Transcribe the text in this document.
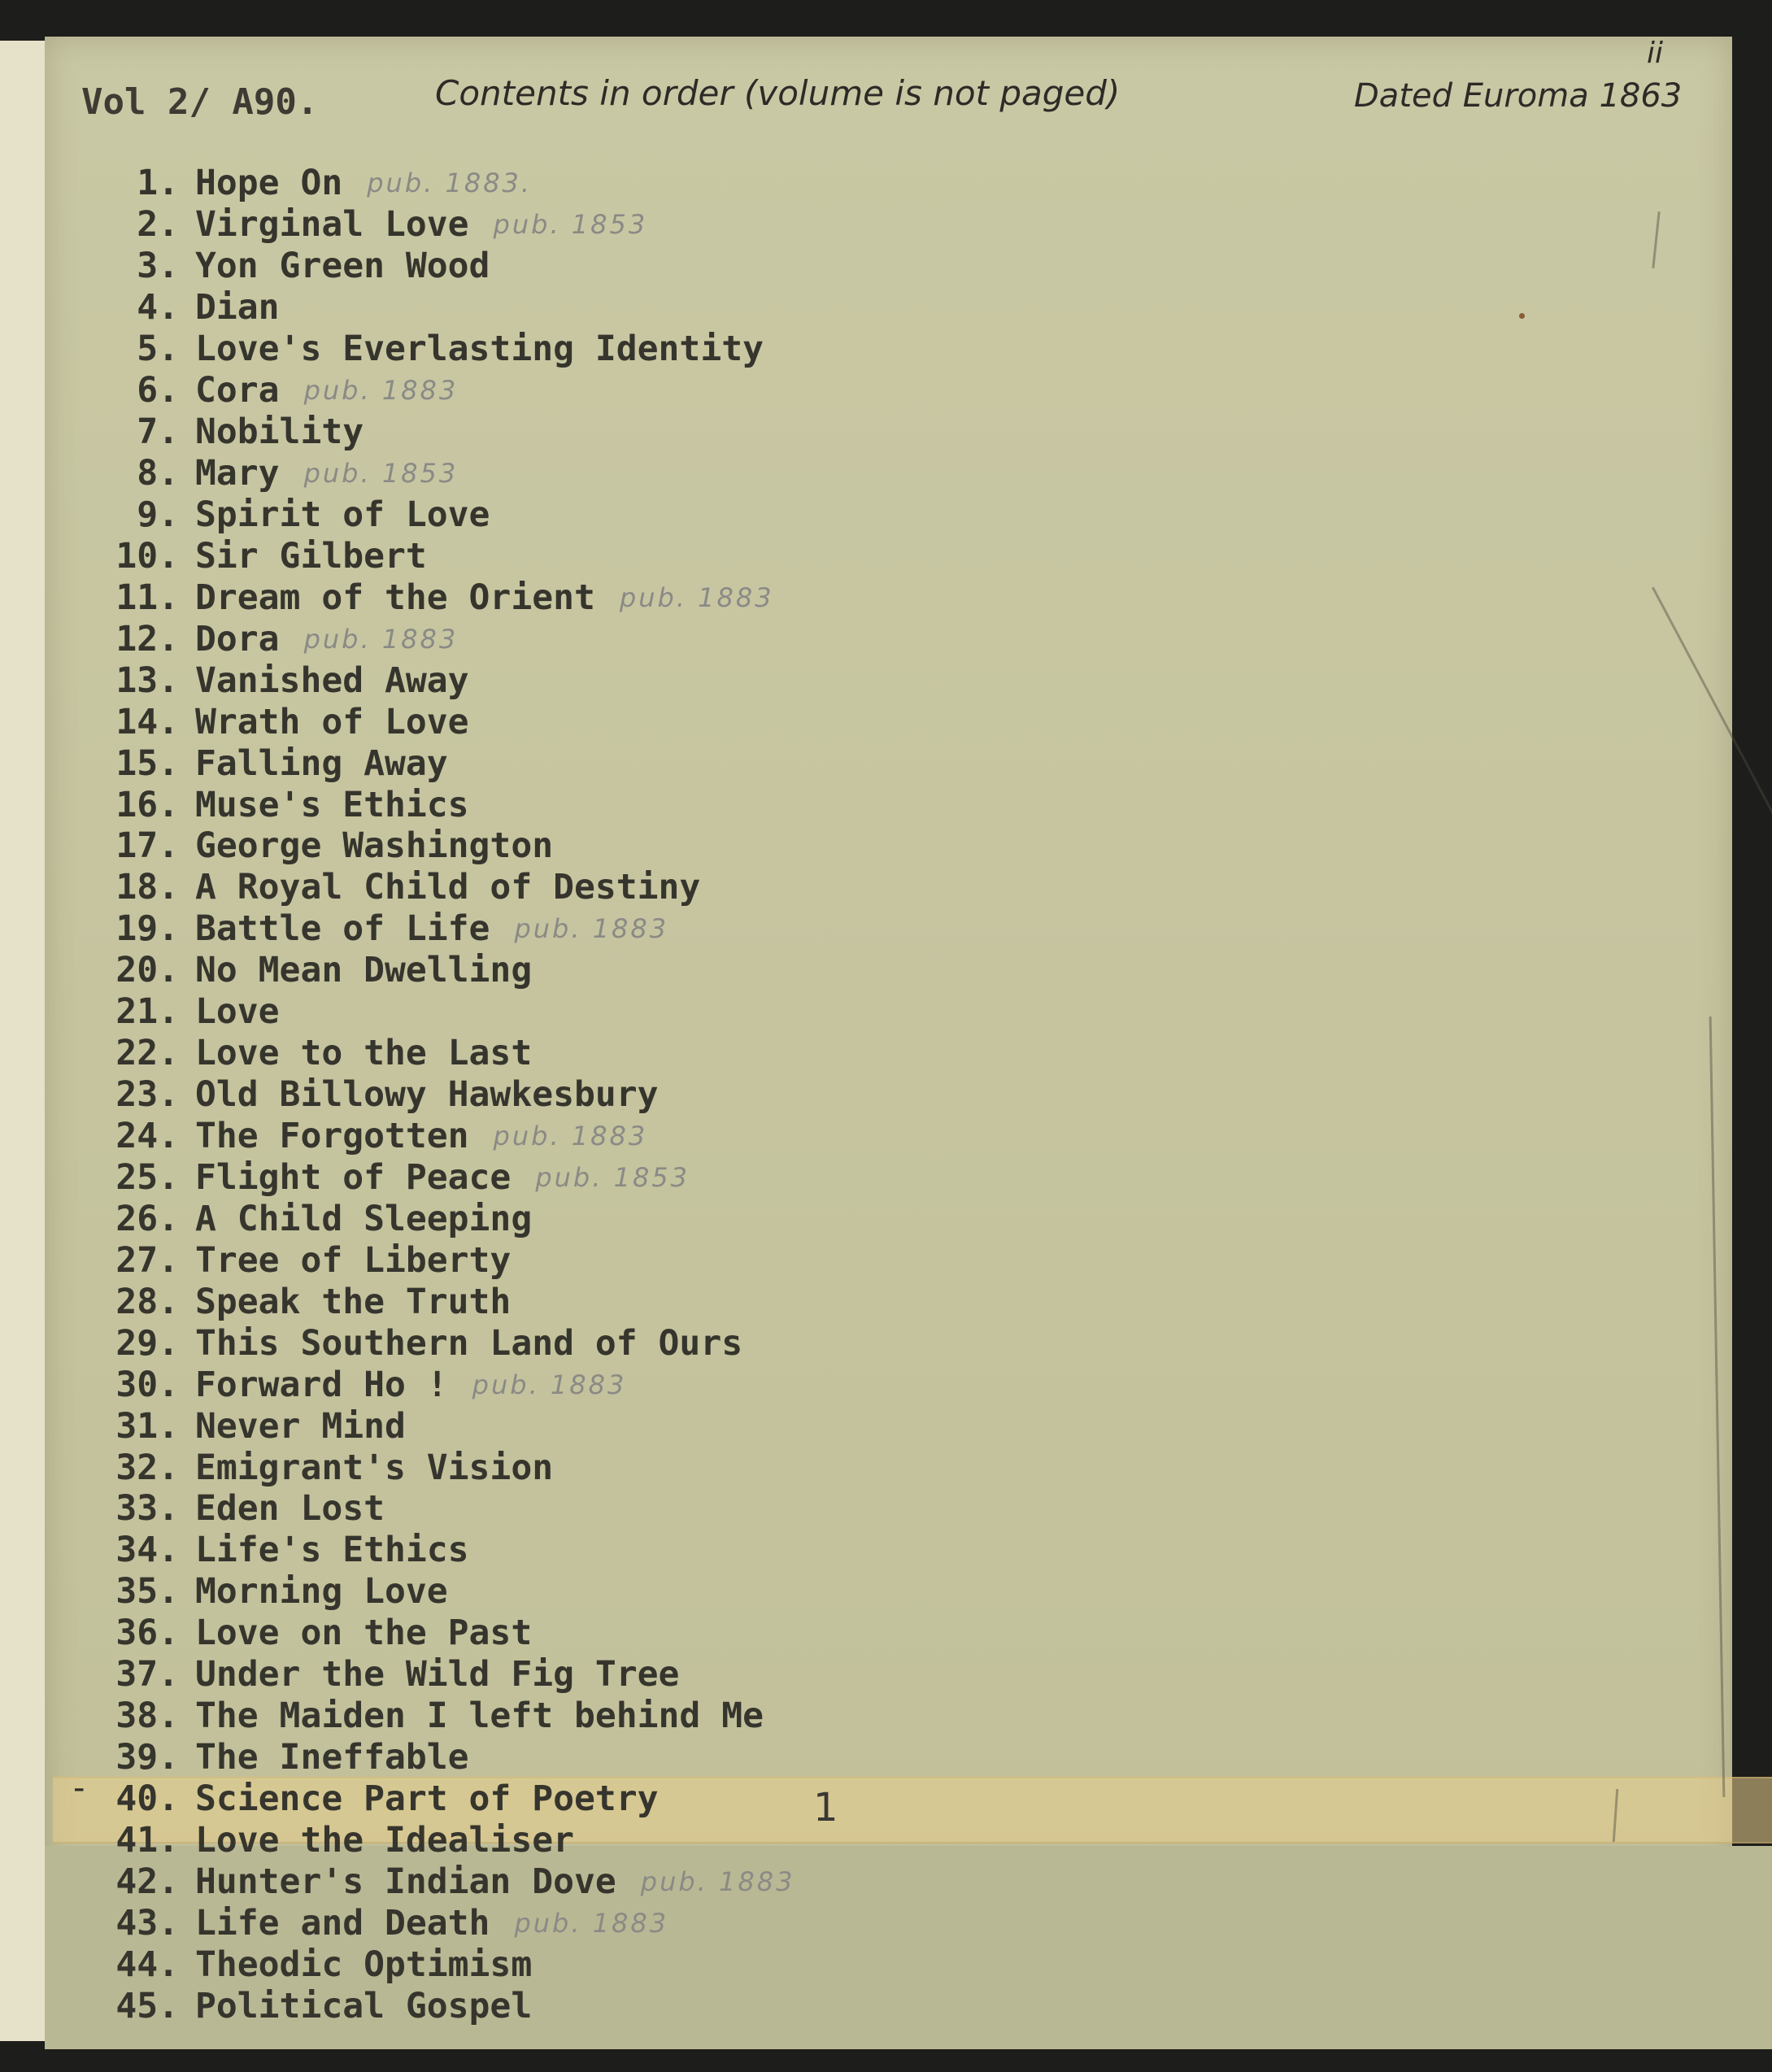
Vol 2/ A90.	Contents in order (volume is not paged)	Dated Euroma 1863
ii
1. Hope On pub. 1883.
2. Virginal Love pub. 1853
3. Yon Green Wood
4. Dian
5. Love's Everlasting Identity
6. Cora pub. 1883
7. Nobility
8. Mary pub. 1853
9. Spirit of Love
10. Sir Gilbert
11. Dream of the Orient pub. 1883
12. Dora pub. 1883
13. Vanished Away
14. Wrath of Love
15. Falling Away
16. Muse's Ethics
17. George Washington
18. A Royal Child of Destiny
19. Battle of Life pub. 1883
20. No Mean Dwelling
21. Love
22. Love to the Last
23. Old Billowy Hawkesbury
24. The Forgotten pub. 1883
25. Flight of Peace pub. 1853
26. A Child Sleeping
27. Tree of Liberty
28. Speak the Truth
29. This Southern Land of Ours
30. Forward Ho ! pub. 1883
31. Never Mind
32. Emigrant's Vision
33. Eden Lost
34. Life's Ethics
35. Morning Love
36. Love on the Past
37. Under the Wild Fig Tree
38. The Maiden I left behind Me
39. The Ineffable
40. Science Part of Poetry
41. Love the Idealiser
42. Hunter's Indian Dove pub. 1883
43. Life and Death pub. 1883
44. Theodic Optimism
45. Political Gospel
-	1
